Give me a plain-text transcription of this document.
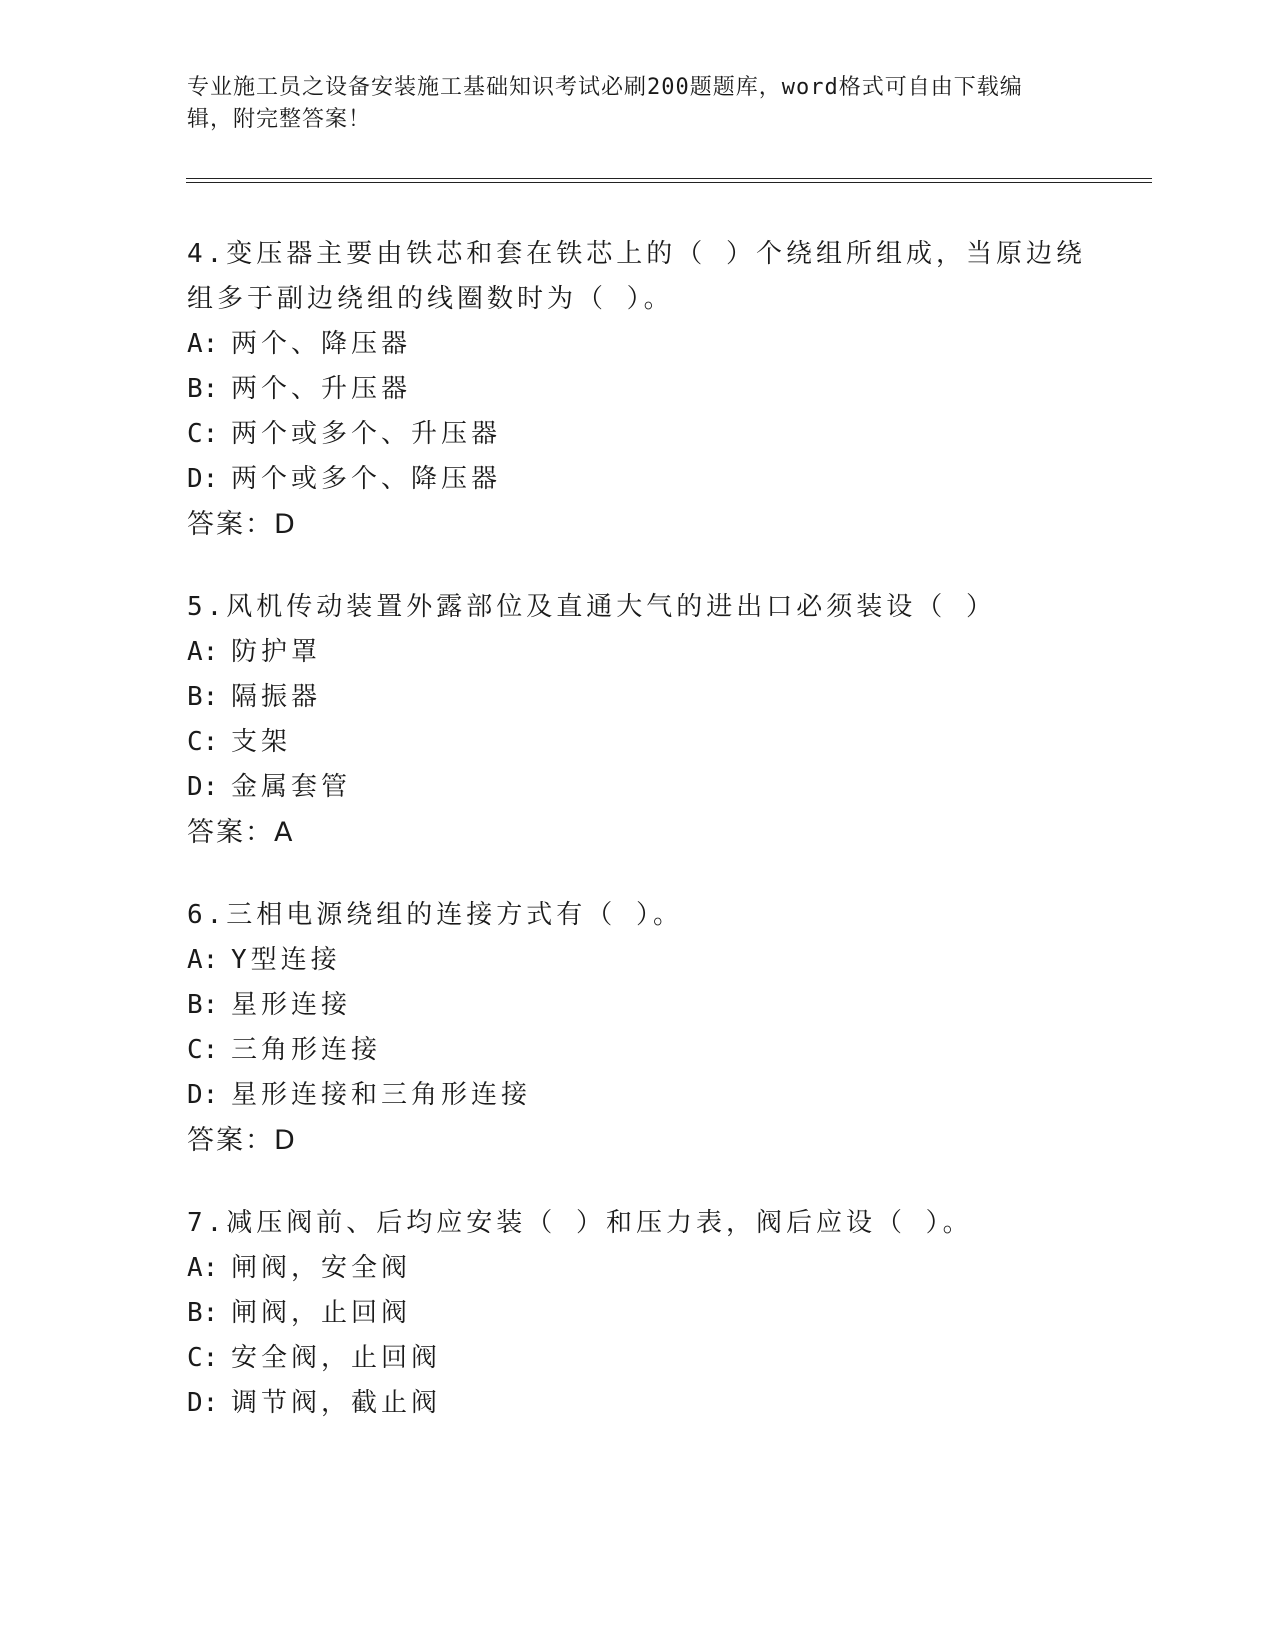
专业施工员之设备安装施工基础知识考试必刷200题题库，word格式可自由下载编辑，附完整答案！

4.变压器主要由铁芯和套在铁芯上的（ ）个绕组所组成，当原边绕组多于副边绕组的线圈数时为（ ）。

A: 两个、降压器

B: 两个、升压器

C: 两个或多个、升压器

D: 两个或多个、降压器

答案：D

5.风机传动装置外露部位及直通大气的进出口必须装设（ ）

A: 防护罩

B: 隔振器

C: 支架

D: 金属套管

答案：A

6.三相电源绕组的连接方式有（ ）。

A: Y型连接

B: 星形连接

C: 三角形连接

D: 星形连接和三角形连接

答案：D

7.减压阀前、后均应安装（ ）和压力表，阀后应设（ ）。

A: 闸阀，安全阀

B: 闸阀，止回阀

C: 安全阀，止回阀

D: 调节阀，截止阀
